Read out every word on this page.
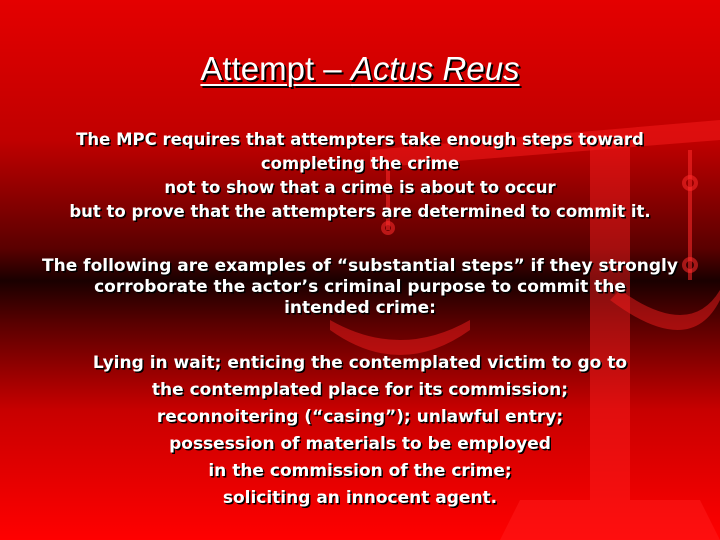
Attempt – Actus Reus
The MPC requires that attempters take enough steps toward
completing the crime
not to show that a crime is about to occur
but to prove that the attempters are determined to commit it.
The following are examples of “substantial steps” if they strongly
corroborate the actor’s criminal purpose to commit the
intended crime:
Lying in wait; enticing the contemplated victim to go to
the contemplated place for its commission;
reconnoitering (“casing”); unlawful entry;
possession of materials to be employed
in the commission of the crime;
soliciting an innocent agent.
